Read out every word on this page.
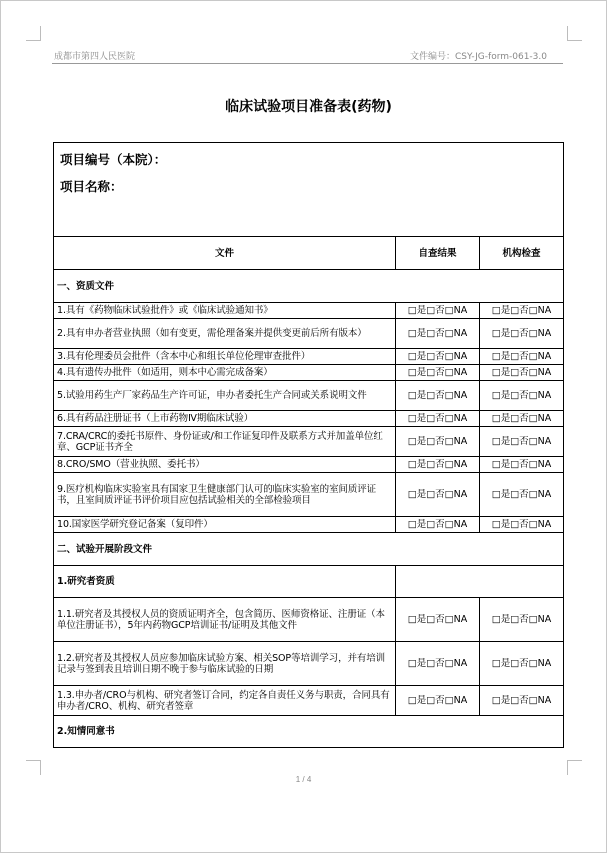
成都市第四人民医院	文件编号：CSY-JG-form-061-3.0
临床试验项目准备表(药物)
项目编号（本院）：
项目名称：		

文件	自查结果	机构检查
一、资质文件		
1.具有《药物临床试验批件》或《临床试验通知书》	□是□否□NA	□是□否□NA
2.具有申办者营业执照（如有变更，需伦理备案并提供变更前后所有版本）	□是□否□NA	□是□否□NA
3.具有伦理委员会批件（含本中心和组长单位伦理审查批件）	□是□否□NA	□是□否□NA
4.具有遗传办批件（如适用，则本中心需完成备案）	□是□否□NA	□是□否□NA
5.试验用药生产厂家药品生产许可证，申办者委托生产合同或关系说明文件	□是□否□NA	□是□否□NA
6.具有药品注册证书（上市药物Ⅳ期临床试验）	□是□否□NA	□是□否□NA
7.CRA/CRC的委托书原件、身份证或/和工作证复印件及联系方式并加盖单位红章、GCP证书齐全	□是□否□NA	□是□否□NA
8.CRO/SMO（营业执照、委托书）	□是□否□NA	□是□否□NA
9.医疗机构临床实验室具有国家卫生健康部门认可的临床实验室的室间质评证书，且室间质评证书评价项目应包括试验相关的全部检验项目	□是□否□NA	□是□否□NA
10.国家医学研究登记备案（复印件）	□是□否□NA	□是□否□NA
二、试验开展阶段文件		
1.研究者资质		
1.1.研究者及其授权人员的资质证明齐全，包含简历、医师资格证、注册证（本单位注册证书），5年内药物GCP培训证书/证明及其他文件	□是□否□NA	□是□否□NA
1.2.研究者及其授权人员应参加临床试验方案、相关SOP等培训学习，并有培训记录与签到表且培训日期不晚于参与临床试验的日期	□是□否□NA	□是□否□NA
1.3.申办者/CRO与机构、研究者签订合同，约定各自责任义务与职责，合同具有申办者/CRO、机构、研究者签章	□是□否□NA	□是□否□NA
2.知情同意书		
1 / 4
